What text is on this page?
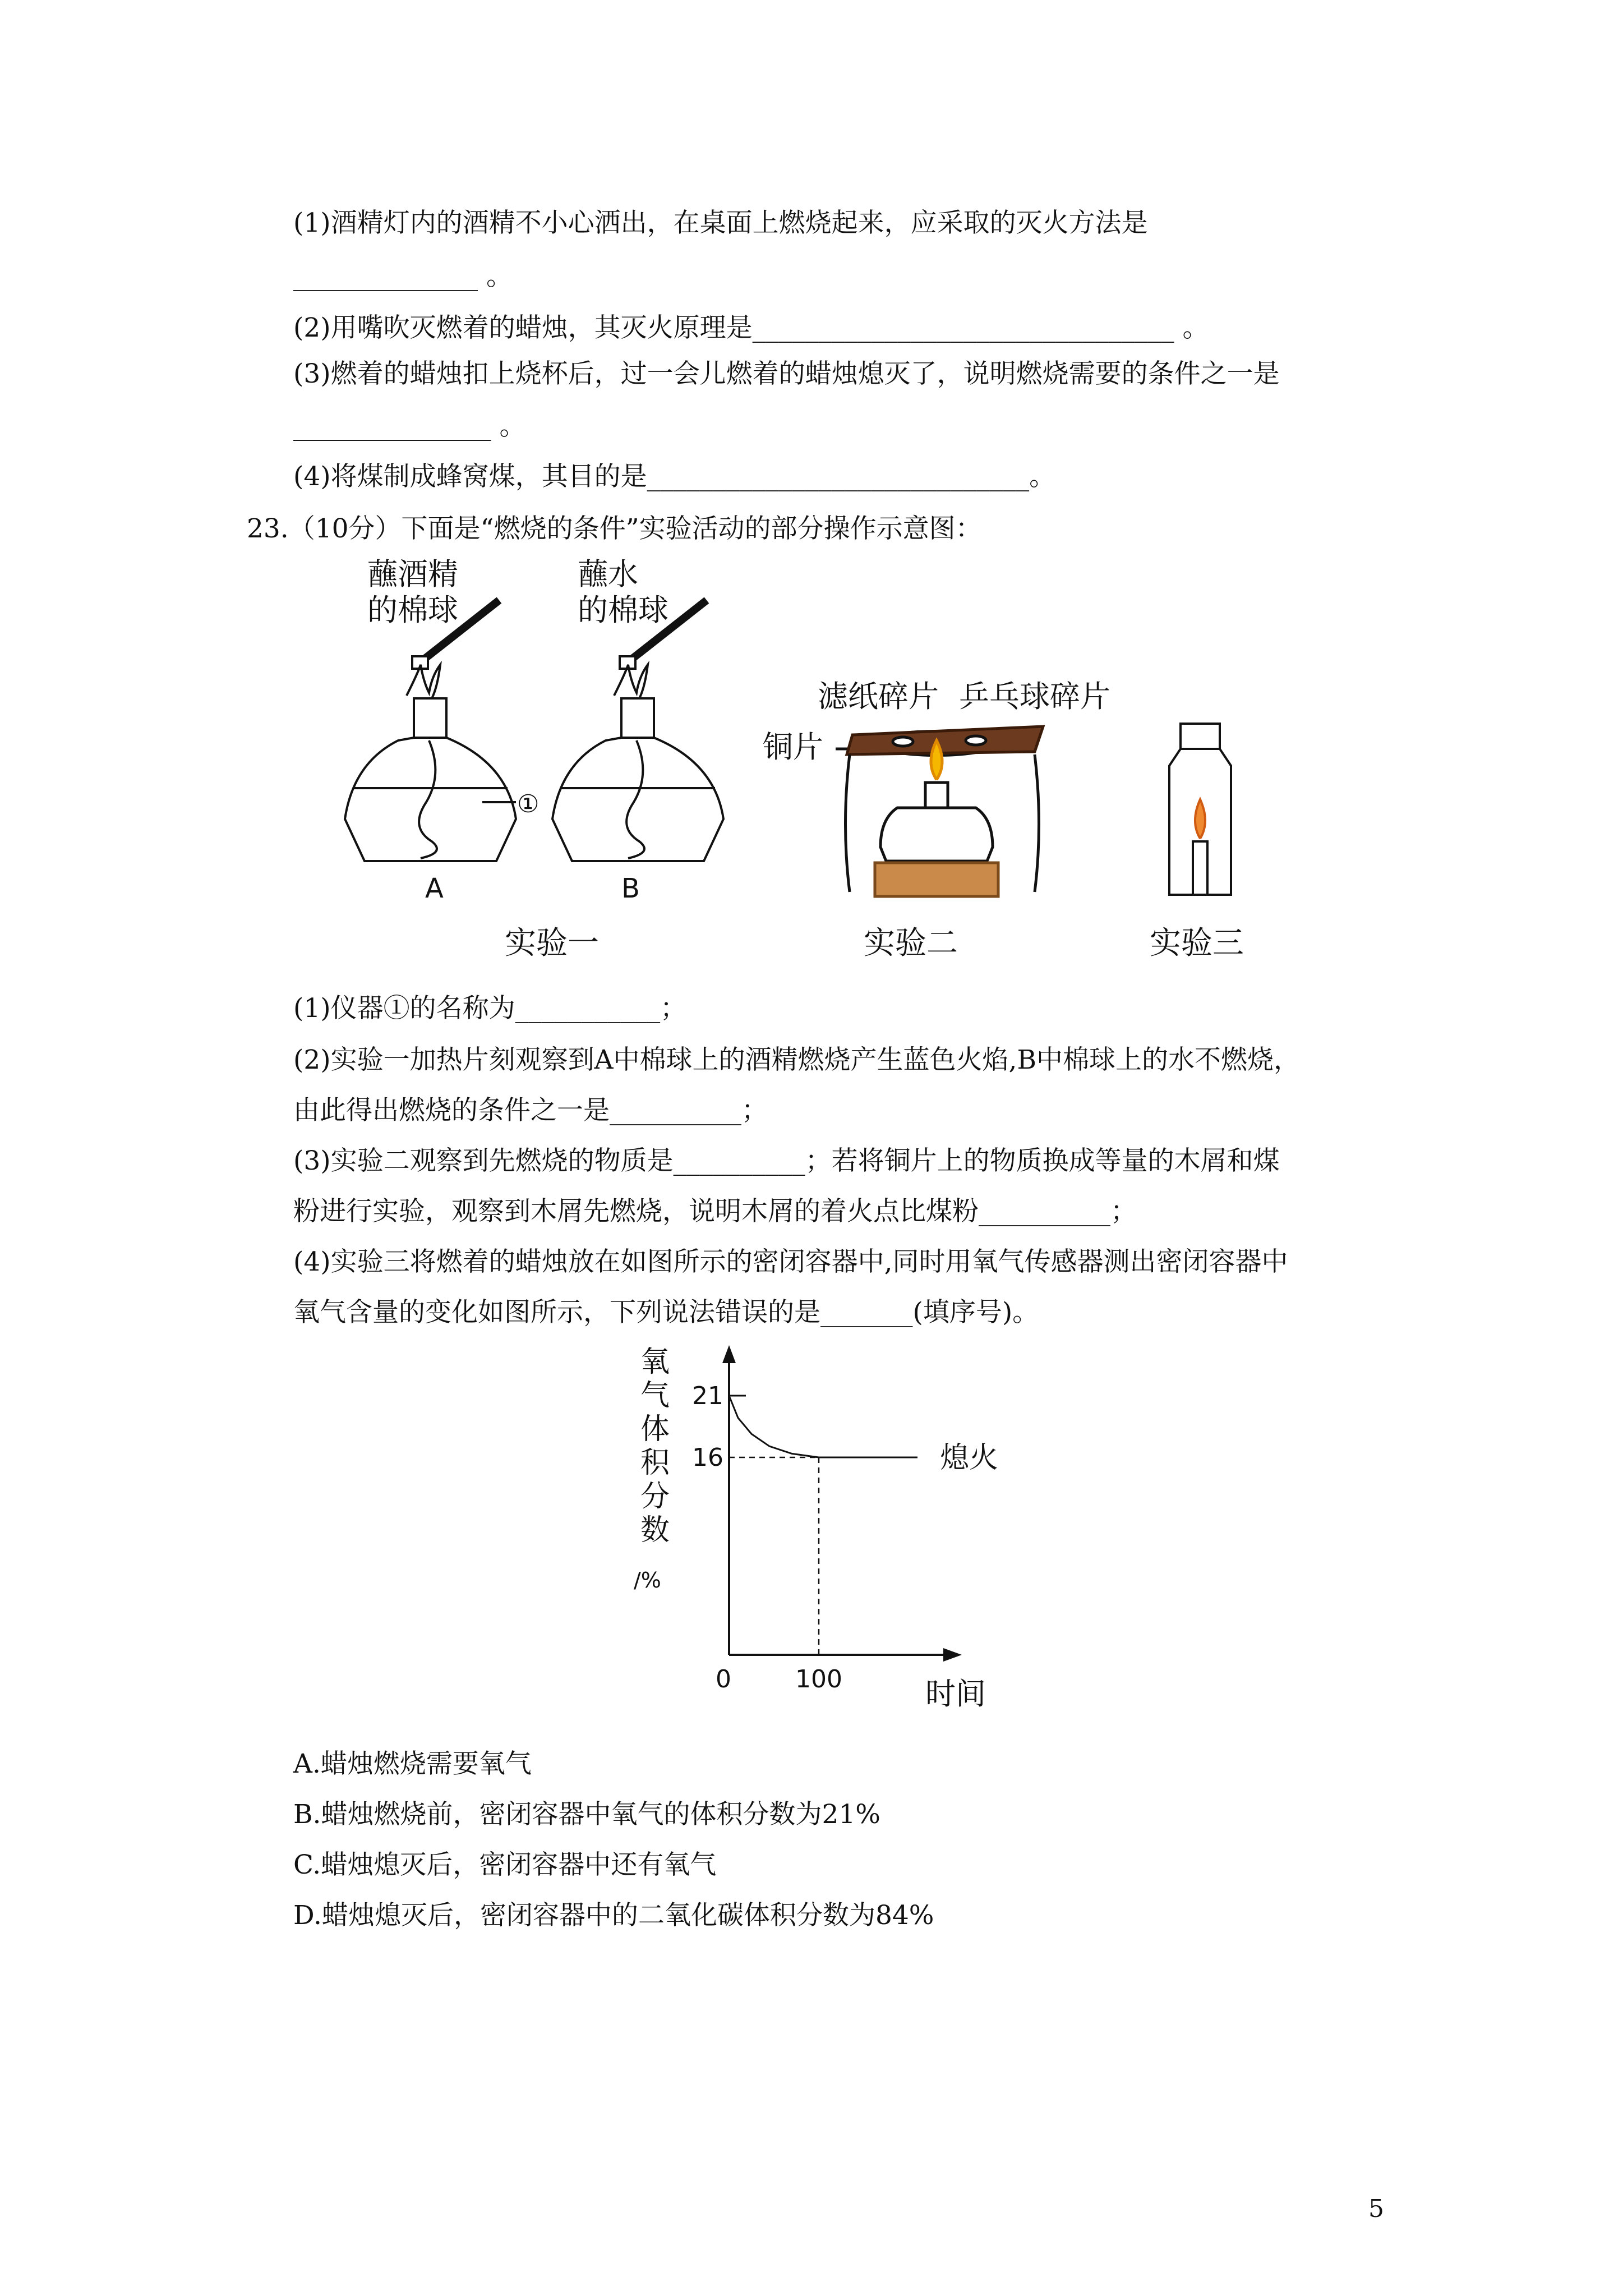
(1)酒精灯内的酒精不小心洒出，在桌面上燃烧起来，应采取的灭火方法是
______________ 。
(2)用嘴吹灭燃着的蜡烛，其灭火原理是________________________________ 。
(3)燃着的蜡烛扣上烧杯后，过一会儿燃着的蜡烛熄灭了，说明燃烧需要的条件之一是
_______________ 。
(4)将煤制成蜂窝煤，其目的是_____________________________。
23.（10分）下面是“燃烧的条件”实验活动的部分操作示意图：
蘸酒精
的棉球
蘸水
的棉球
①
A	B
实验一
滤纸碎片 乒乓球碎片
铜片
实验二	实验三
(1)仪器①的名称为___________；
(2)实验一加热片刻观察到A中棉球上的酒精燃烧产生蓝色火焰,B中棉球上的水不燃烧，
由此得出燃烧的条件之一是__________；
(3)实验二观察到先燃烧的物质是__________；若将铜片上的物质换成等量的木屑和煤
粉进行实验，观察到木屑先燃烧，说明木屑的着火点比煤粉__________；
(4)实验三将燃着的蜡烛放在如图所示的密闭容器中,同时用氧气传感器测出密闭容器中
氧气含量的变化如图所示，下列说法错误的是_______(填序号)。
氧
气
体
积
分
数
/%
21
16
0	100
熄火
时间
A.蜡烛燃烧需要氧气
B.蜡烛燃烧前，密闭容器中氧气的体积分数为21%
C.蜡烛熄灭后，密闭容器中还有氧气
D.蜡烛熄灭后，密闭容器中的二氧化碳体积分数为84%
5
